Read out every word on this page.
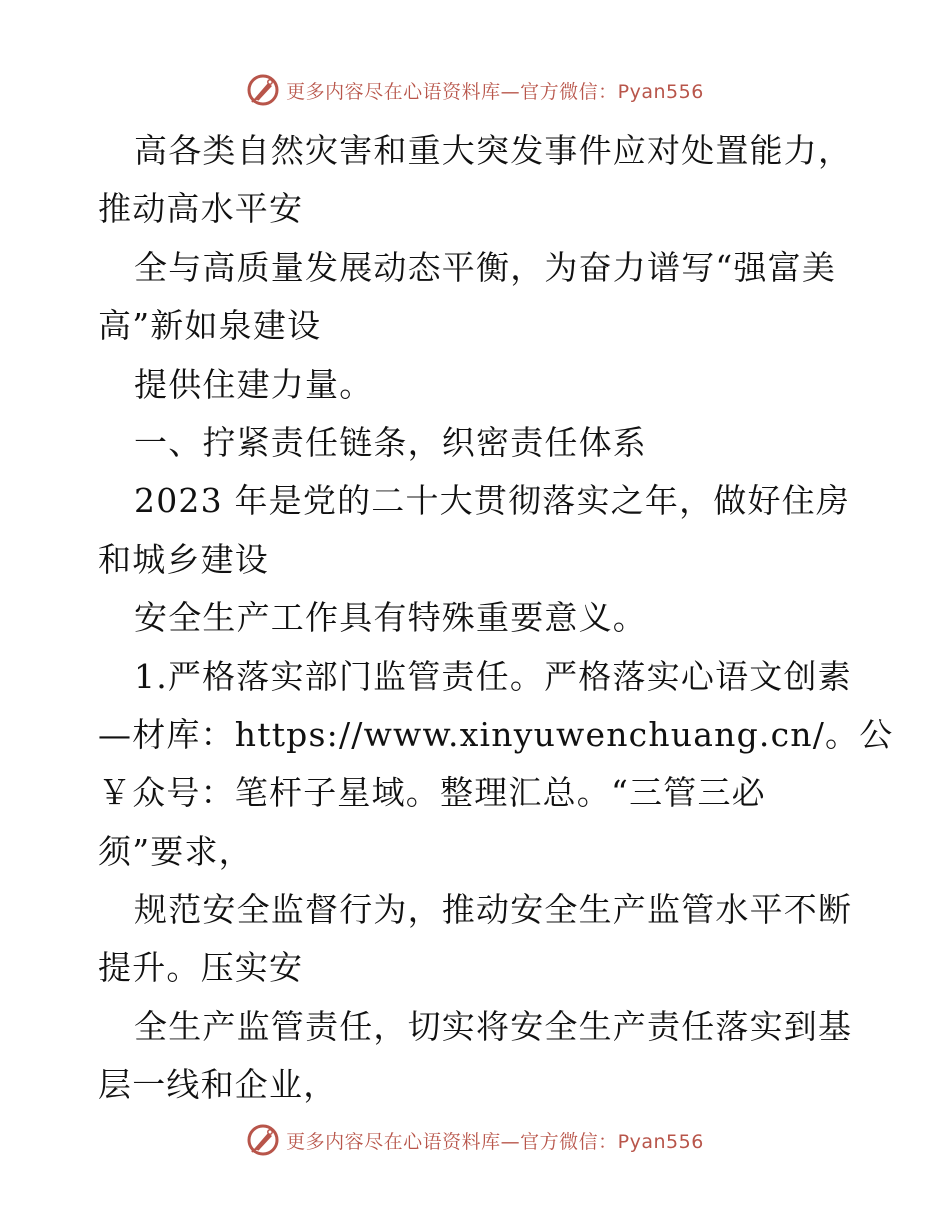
更多内容尽在心语资料库—官方微信：Pyan556
高各类自然灾害和重大突发事件应对处置能力，
推动高水平安
全与高质量发展动态平衡，为奋力谱写“强富美
高”新如泉建设
提供住建力量。
一、拧紧责任链条，织密责任体系
2023 年是党的二十大贯彻落实之年，做好住房
和城乡建设
安全生产工作具有特殊重要意义。
1.严格落实部门监管责任。严格落实心语文创素
—材库：https://www.xinyuwenchuang.cn/。公
￥众号：笔杆子星域。整理汇总。“三管三必
须”要求，
规范安全监督行为，推动安全生产监管水平不断
提升。压实安
全生产监管责任，切实将安全生产责任落实到基
层一线和企业，
更多内容尽在心语资料库—官方微信：Pyan556
